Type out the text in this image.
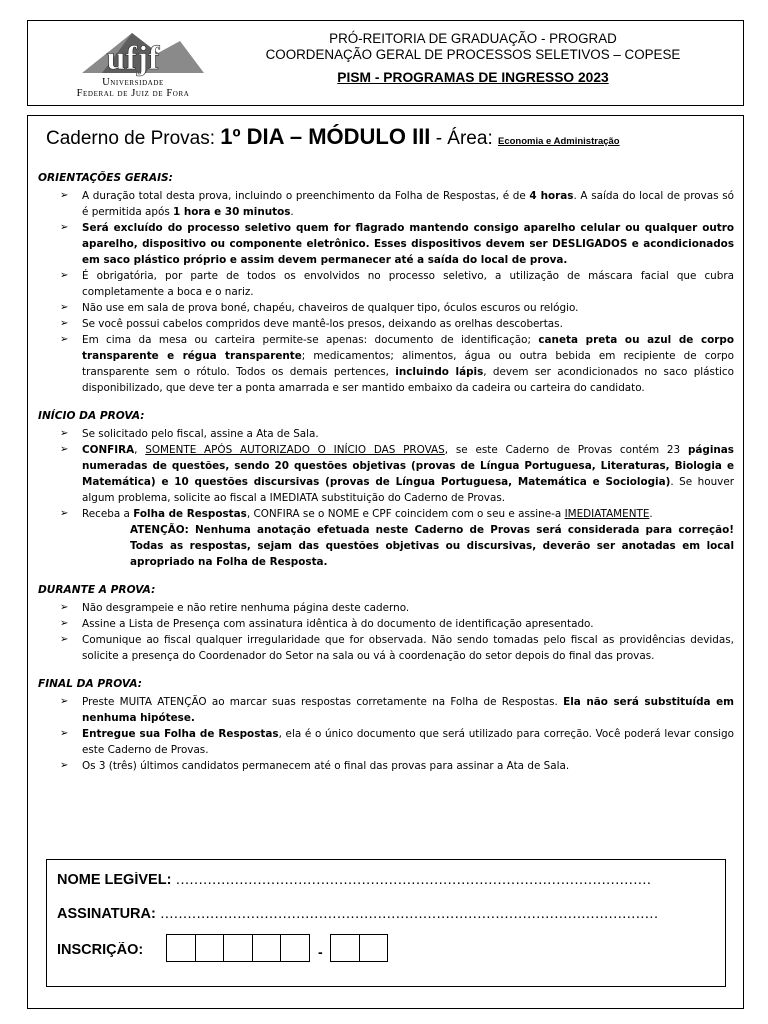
ufjf
Universidade
Federal de Juiz de Fora
PRÓ-REITORIA DE GRADUAÇÃO - PROGRAD
COORDENAÇÃO GERAL DE PROCESSOS SELETIVOS – COPESE
PISM - PROGRAMAS DE INGRESSO 2023
Caderno de Provas: 1º DIA – MÓDULO III - Área: Economia e Administração
ORIENTAÇÕES GERAIS:
➢ A duração total desta prova, incluindo o preenchimento da Folha de Respostas, é de 4 horas. A saída do local de provas só é permitida após 1 hora e 30 minutos.
➢ Será excluído do processo seletivo quem for flagrado mantendo consigo aparelho celular ou qualquer outro aparelho, dispositivo ou componente eletrônico. Esses dispositivos devem ser DESLIGADOS e acondicionados em saco plástico próprio e assim devem permanecer até a saída do local de prova.
➢ É obrigatória, por parte de todos os envolvidos no processo seletivo, a utilização de máscara facial que cubra completamente a boca e o nariz.
➢ Não use em sala de prova boné, chapéu, chaveiros de qualquer tipo, óculos escuros ou relógio.
➢ Se você possui cabelos compridos deve mantê-los presos, deixando as orelhas descobertas.
➢ Em cima da mesa ou carteira permite-se apenas: documento de identificação; caneta preta ou azul de corpo transparente e régua transparente; medicamentos; alimentos, água ou outra bebida em recipiente de corpo transparente sem o rótulo. Todos os demais pertences, incluindo lápis, devem ser acondicionados no saco plástico disponibilizado, que deve ter a ponta amarrada e ser mantido embaixo da cadeira ou carteira do candidato.
INÍCIO DA PROVA:
➢ Se solicitado pelo fiscal, assine a Ata de Sala.
➢ CONFIRA, SOMENTE APÓS AUTORIZADO O INÍCIO DAS PROVAS, se este Caderno de Provas contém 23 páginas numeradas de questões, sendo 20 questões objetivas (provas de Língua Portuguesa, Literaturas, Biologia e Matemática) e 10 questões discursivas (provas de Língua Portuguesa, Matemática e Sociologia). Se houver algum problema, solicite ao fiscal a IMEDIATA substituição do Caderno de Provas.
➢ Receba a Folha de Respostas, CONFIRA se o NOME e CPF coincidem com o seu e assine-a IMEDIATAMENTE.
ATENÇÃO: Nenhuma anotação efetuada neste Caderno de Provas será considerada para correção! Todas as respostas, sejam das questões objetivas ou discursivas, deverão ser anotadas em local apropriado na Folha de Resposta.
DURANTE A PROVA:
➢ Não desgrampeie e não retire nenhuma página deste caderno.
➢ Assine a Lista de Presença com assinatura idêntica à do documento de identificação apresentado.
➢ Comunique ao fiscal qualquer irregularidade que for observada. Não sendo tomadas pelo fiscal as providências devidas, solicite a presença do Coordenador do Setor na sala ou vá à coordenação do setor depois do final das provas.
FINAL DA PROVA:
➢ Preste MUITA ATENÇÃO ao marcar suas respostas corretamente na Folha de Respostas. Ela não será substituída em nenhuma hipótese.
➢ Entregue sua Folha de Respostas, ela é o único documento que será utilizado para correção. Você poderá levar consigo este Caderno de Provas.
➢ Os 3 (três) últimos candidatos permanecem até o final das provas para assinar a Ata de Sala.
NOME LEGÍVEL: .........................................................................................................
ASSINATURA: ..............................................................................................................
INSCRIÇÃO:	-
